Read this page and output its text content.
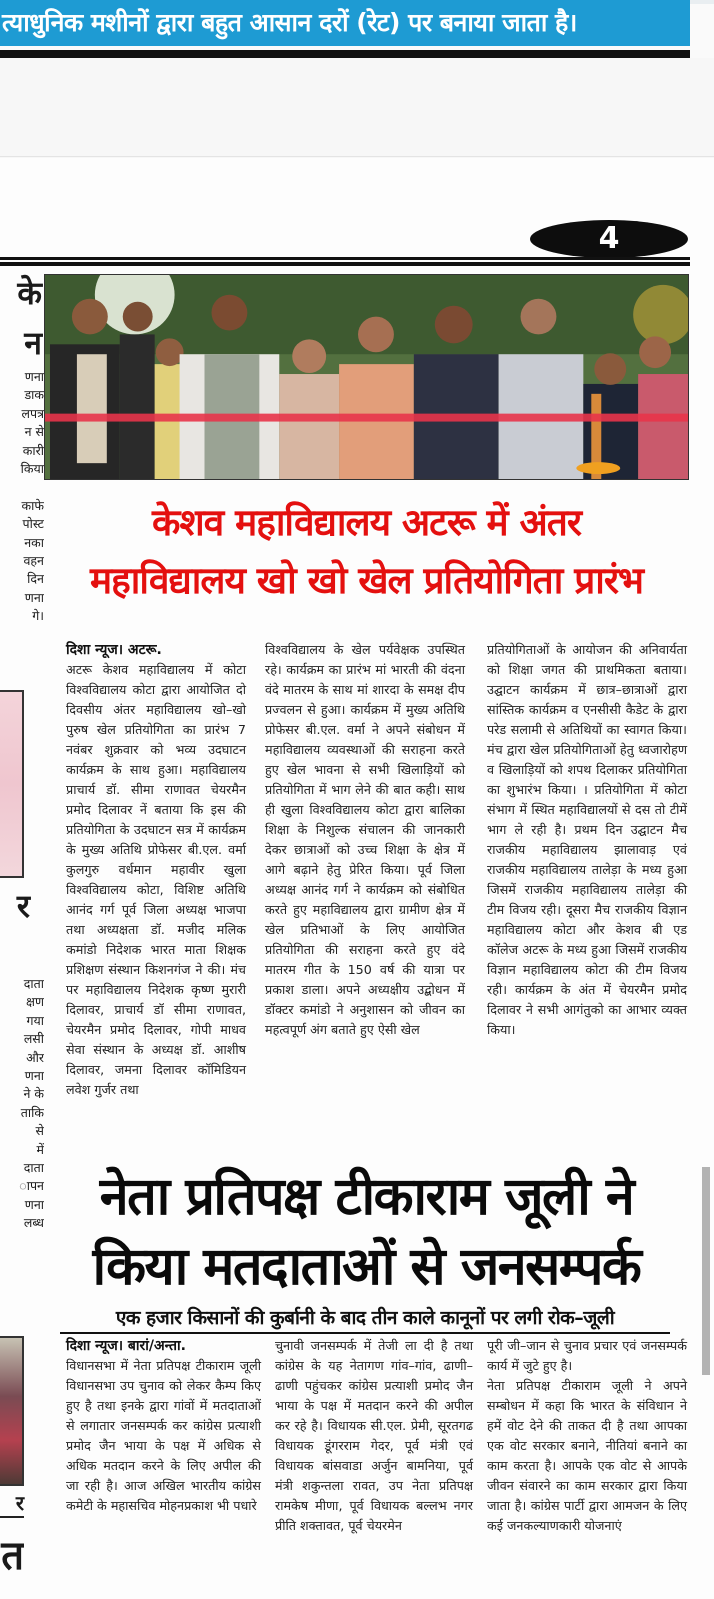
त्याधुनिक मशीनों द्वारा बहुत आसान दरों (रेट) पर बनाया जाता है।
4
के
न
णना
डाक
लपत्र
न से
कारी
किया

काफे
पोस्ट
नका
वहन
दिन
णना
गे।
र
दाता
क्षण
गया
लसी
और
णना
ने के
ताकि
से
में
दाता
ापन
णना
लब्ध
र
त
केशव महाविद्यालय अटरू में अंतर
महाविद्यालय खो खो खेल प्रतियोगिता प्रारंभ
दिशा न्यूज। अटरू.

अटरू केशव महाविद्यालय में कोटा विश्वविद्यालय कोटा द्वारा आयोजित दो दिवसीय अंतर महाविद्यालय खो–खो पुरुष खेल प्रतियोगिता का प्रारंभ 7 नवंबर शुक्रवार को भव्य उदघाटन कार्यक्रम के साथ हुआ। महाविद्यालय प्राचार्य डॉ. सीमा राणावत चेयरमैन प्रमोद दिलावर नें बताया कि इस की प्रतियोगिता के उदघाटन सत्र में कार्यक्रम के मुख्य अतिथि प्रोफेसर बी.एल. वर्मा कुलगुरु वर्धमान महावीर खुला विश्वविद्यालय कोटा, विशिष्ट अतिथि आनंद गर्ग पूर्व जिला अध्यक्ष भाजपा तथा अध्यक्षता डॉ. मजीद मलिक कमांडो निदेशक भारत माता शिक्षक प्रशिक्षण संस्थान किशनगंज ने की। मंच पर महाविद्यालय निदेशक कृष्ण मुरारी दिलावर, प्राचार्य डॉ सीमा राणावत, चेयरमैन प्रमोद दिलावर, गोपी माधव सेवा संस्थान के अध्यक्ष डॉ. आशीष दिलावर, जमना दिलावर कॉमिडियन लवेश गुर्जर तथा

विश्वविद्यालय के खेल पर्यवेक्षक उपस्थित रहे। कार्यक्रम का प्रारंभ मां भारती की वंदना वंदे मातरम के साथ मां शारदा के समक्ष दीप प्रज्वलन से हुआ। कार्यक्रम में मुख्य अतिथि प्रोफेसर बी.एल. वर्मा ने अपने संबोधन में महाविद्यालय व्यवस्थाओं की सराहना करते हुए खेल भावना से सभी खिलाड़ियों को प्रतियोगिता में भाग लेने की बात कही। साथ ही खुला विश्वविद्यालय कोटा द्वारा बालिका शिक्षा के निशुल्क संचालन की जानकारी देकर छात्राओं को उच्च शिक्षा के क्षेत्र में आगे बढ़ाने हेतु प्रेरित किया। पूर्व जिला अध्यक्ष आनंद गर्ग ने कार्यक्रम को संबोधित करते हुए महाविद्यालय द्वारा ग्रामीण क्षेत्र में खेल प्रतिभाओं के लिए आयोजित प्रतियोगिता की सराहना करते हुए वंदे मातरम गीत के 150 वर्ष की यात्रा पर प्रकाश डाला। अपने अध्यक्षीय उद्बोधन में डॉक्टर कमांडो ने अनुशासन को जीवन का महत्वपूर्ण अंग बताते हुए ऐसी खेल

प्रतियोगिताओं के आयोजन की अनिवार्यता को शिक्षा जगत की प्राथमिकता बताया। उद्घाटन कार्यक्रम में छात्र–छात्राओं द्वारा सांस्तिक कार्यक्रम व एनसीसी कैडेट के द्वारा परेड सलामी से अतिथियों का स्वागत किया। मंच द्वारा खेल प्रतियोगिताओं हेतु ध्वजारोहण व खिलाड़ियों को शपथ दिलाकर प्रतियोगिता का शुभारंभ किया। । प्रतियोगिता में कोटा संभाग में स्थित महाविद्यालयों से दस तो टीमें भाग ले रही है। प्रथम दिन उद्घाटन मैच राजकीय महाविद्यालय झालावाड़ एवं राजकीय महाविद्यालय तालेड़ा के मध्य हुआ जिसमें राजकीय महाविद्यालय तालेड़ा की टीम विजय रही। दूसरा मैच राजकीय विज्ञान महाविद्यालय कोटा और केशव बी एड कॉलेज अटरू के मध्य हुआ जिसमें राजकीय विज्ञान महाविद्यालय कोटा की टीम विजय रही। कार्यक्रम के अंत में चेयरमैन प्रमोद दिलावर ने सभी आगंतुको का आभार व्यक्त किया।

नेता प्रतिपक्ष टीकाराम जूली ने
किया मतदाताओं से जनसम्पर्क
एक हजार किसानों की कुर्बानी के बाद तीन काले कानूनों पर लगी रोक–जूली
दिशा न्यूज। बारां/अन्ता.

विधानसभा में नेता प्रतिपक्ष टीकाराम जूली विधानसभा उप चुनाव को लेकर कैम्प किए हुए है तथा इनके द्वारा गांवों में मतदाताओं से लगातार जनसम्पर्क कर कांग्रेस प्रत्याशी प्रमोद जैन भाया के पक्ष में अधिक से अधिक मतदान करने के लिए अपील की जा रही है। आज अखिल भारतीय कांग्रेस कमेटी के महासचिव मोहनप्रकाश भी पधारे

चुनावी जनसम्पर्क में तेजी ला दी है तथा कांग्रेस के यह नेतागण गांव–गांव, ढाणी–ढाणी पहुंचकर कांग्रेस प्रत्याशी प्रमोद जैन भाया के पक्ष में मतदान करने की अपील कर रहे है। विधायक सी.एल. प्रेमी, सूरतगढ विधायक डूंगरराम गेदर, पूर्व मंत्री एवं विधायक बांसवाडा अर्जुन बामनिया, पूर्व मंत्री शकुन्तला रावत, उप नेता प्रतिपक्ष रामकेष मीणा, पूर्व विधायक बल्लभ नगर प्रीति शक्तावत, पूर्व चेयरमेन

पूरी जी–जान से चुनाव प्रचार एवं जनसम्पर्क कार्य में जुटे हुए है।

नेता प्रतिपक्ष टीकाराम जूली ने अपने सम्बोधन में कहा कि भारत के संविधान ने हमें वोट देने की ताकत दी है तथा आपका एक वोट सरकार बनाने, नीतियां बनाने का काम करता है। आपके एक वोट से आपके जीवन संवारने का काम सरकार द्वारा किया जाता है। कांग्रेस पार्टी द्वारा आमजन के लिए कई जनकल्याणकारी योजनाएं
